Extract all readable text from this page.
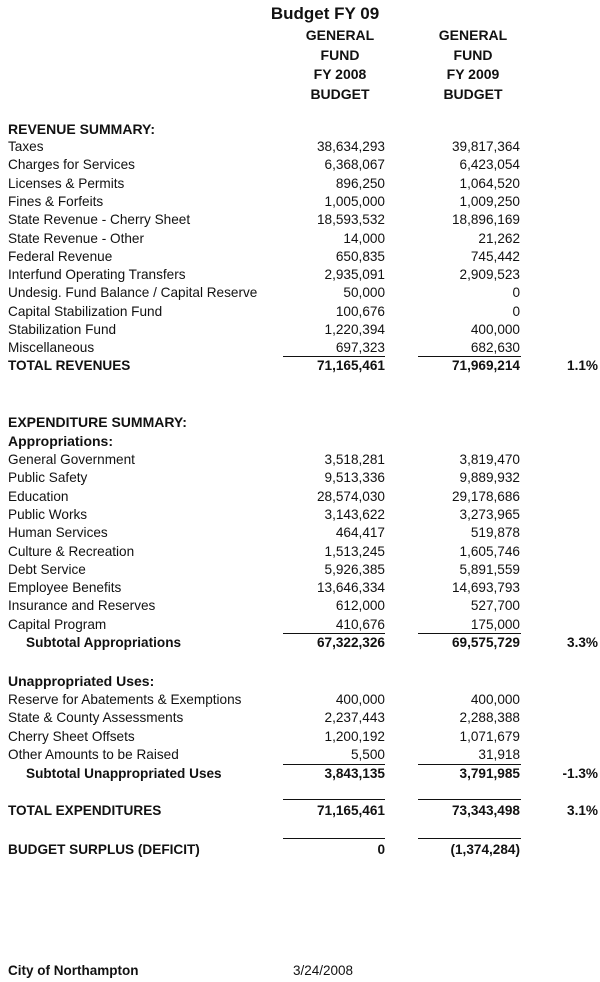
Budget FY 09
GENERAL
FUND
FY 2008
BUDGET
GENERAL
FUND
FY 2009
BUDGET
REVENUE SUMMARY:
Taxes	38,634,293	39,817,364
Charges for Services	6,368,067	6,423,054
Licenses & Permits	896,250	1,064,520
Fines & Forfeits	1,005,000	1,009,250
State Revenue - Cherry Sheet	18,593,532	18,896,169
State Revenue - Other	14,000	21,262
Federal Revenue	650,835	745,442
Interfund Operating Transfers	2,935,091	2,909,523
Undesig. Fund Balance / Capital Reserve	50,000	0
Capital Stabilization Fund	100,676	0
Stabilization Fund	1,220,394	400,000
Miscellaneous	697,323	682,630
TOTAL REVENUES	71,165,461	71,969,214	1.1%
EXPENDITURE SUMMARY:
Appropriations:
General Government	3,518,281	3,819,470
Public Safety	9,513,336	9,889,932
Education	28,574,030	29,178,686
Public Works	3,143,622	3,273,965
Human Services	464,417	519,878
Culture & Recreation	1,513,245	1,605,746
Debt Service	5,926,385	5,891,559
Employee Benefits	13,646,334	14,693,793
Insurance and Reserves	612,000	527,700
Capital Program	410,676	175,000
Subtotal Appropriations	67,322,326	69,575,729	3.3%
Unappropriated Uses:
Reserve for Abatements & Exemptions	400,000	400,000
State & County Assessments	2,237,443	2,288,388
Cherry Sheet Offsets	1,200,192	1,071,679
Other Amounts to be Raised	5,500	31,918
Subtotal Unappropriated Uses	3,843,135	3,791,985	-1.3%
TOTAL EXPENDITURES	71,165,461	73,343,498	3.1%
BUDGET SURPLUS (DEFICIT)	0	(1,374,284)
City of Northampton	3/24/2008
